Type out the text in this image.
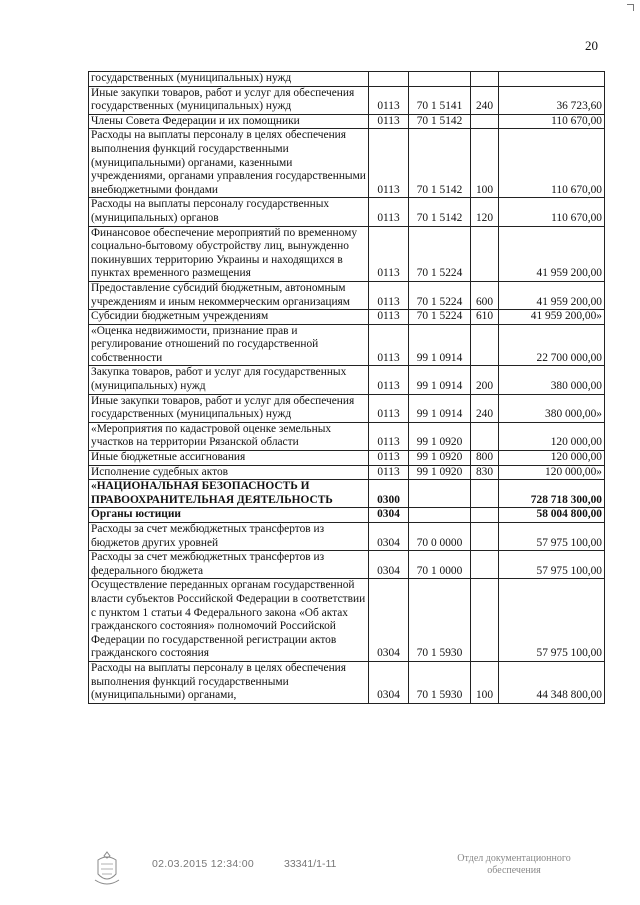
20
государственных (муниципальных) нужд				
Иные закупки товаров, работ и услуг для обеспечения государственных (муниципальных) нужд	0113	70 1 5141	240	36 723,60
Члены Совета Федерации и их помощники	0113	70 1 5142		110 670,00
Расходы на выплаты персоналу в целях обеспечения выполнения функций государственными (муниципальными) органами, казенными учреждениями, органами управления государственными внебюджетными фондами	0113	70 1 5142	100	110 670,00
Расходы на выплаты персоналу государственных (муниципальных) органов	0113	70 1 5142	120	110 670,00
Финансовое обеспечение мероприятий по временному социально-бытовому обустройству лиц, вынужденно покинувших территорию Украины и находящихся в пунктах временного размещения	0113	70 1 5224		41 959 200,00
Предоставление субсидий бюджетным, автономным учреждениям и иным некоммерческим организациям	0113	70 1 5224	600	41 959 200,00
Субсидии бюджетным учреждениям	0113	70 1 5224	610	41 959 200,00»
«Оценка недвижимости, признание прав и регулирование отношений по государственной собственности	0113	99 1 0914		22 700 000,00
Закупка товаров, работ и услуг для государственных (муниципальных) нужд	0113	99 1 0914	200	380 000,00
Иные закупки товаров, работ и услуг для обеспечения государственных (муниципальных) нужд	0113	99 1 0914	240	380 000,00»
«Мероприятия по кадастровой оценке земельных участков на территории Рязанской области	0113	99 1 0920		120 000,00
Иные бюджетные ассигнования	0113	99 1 0920	800	120 000,00
Исполнение судебных актов	0113	99 1 0920	830	120 000,00»
«НАЦИОНАЛЬНАЯ БЕЗОПАСНОСТЬ И ПРАВООХРАНИТЕЛЬНАЯ ДЕЯТЕЛЬНОСТЬ	0300			728 718 300,00
Органы юстиции	0304			58 004 800,00
Расходы за счет межбюджетных трансфертов из бюджетов других уровней	0304	70 0 0000		57 975 100,00
Расходы за счет межбюджетных трансфертов из федерального бюджета	0304	70 1 0000		57 975 100,00
Осуществление переданных органам государственной власти субъектов Российской Федерации в соответствии с пунктом 1 статьи 4 Федерального закона «Об актах гражданского состояния» полномочий Российской Федерации по государственной регистрации актов гражданского состояния	0304	70 1 5930		57 975 100,00
Расходы на выплаты персоналу в целях обеспечения выполнения функций государственными (муниципальными) органами,	0304	70 1 5930	100	44 348 800,00
02.03.2015 12:34:00	33341/1-11	Отдел документационного обеспечения
